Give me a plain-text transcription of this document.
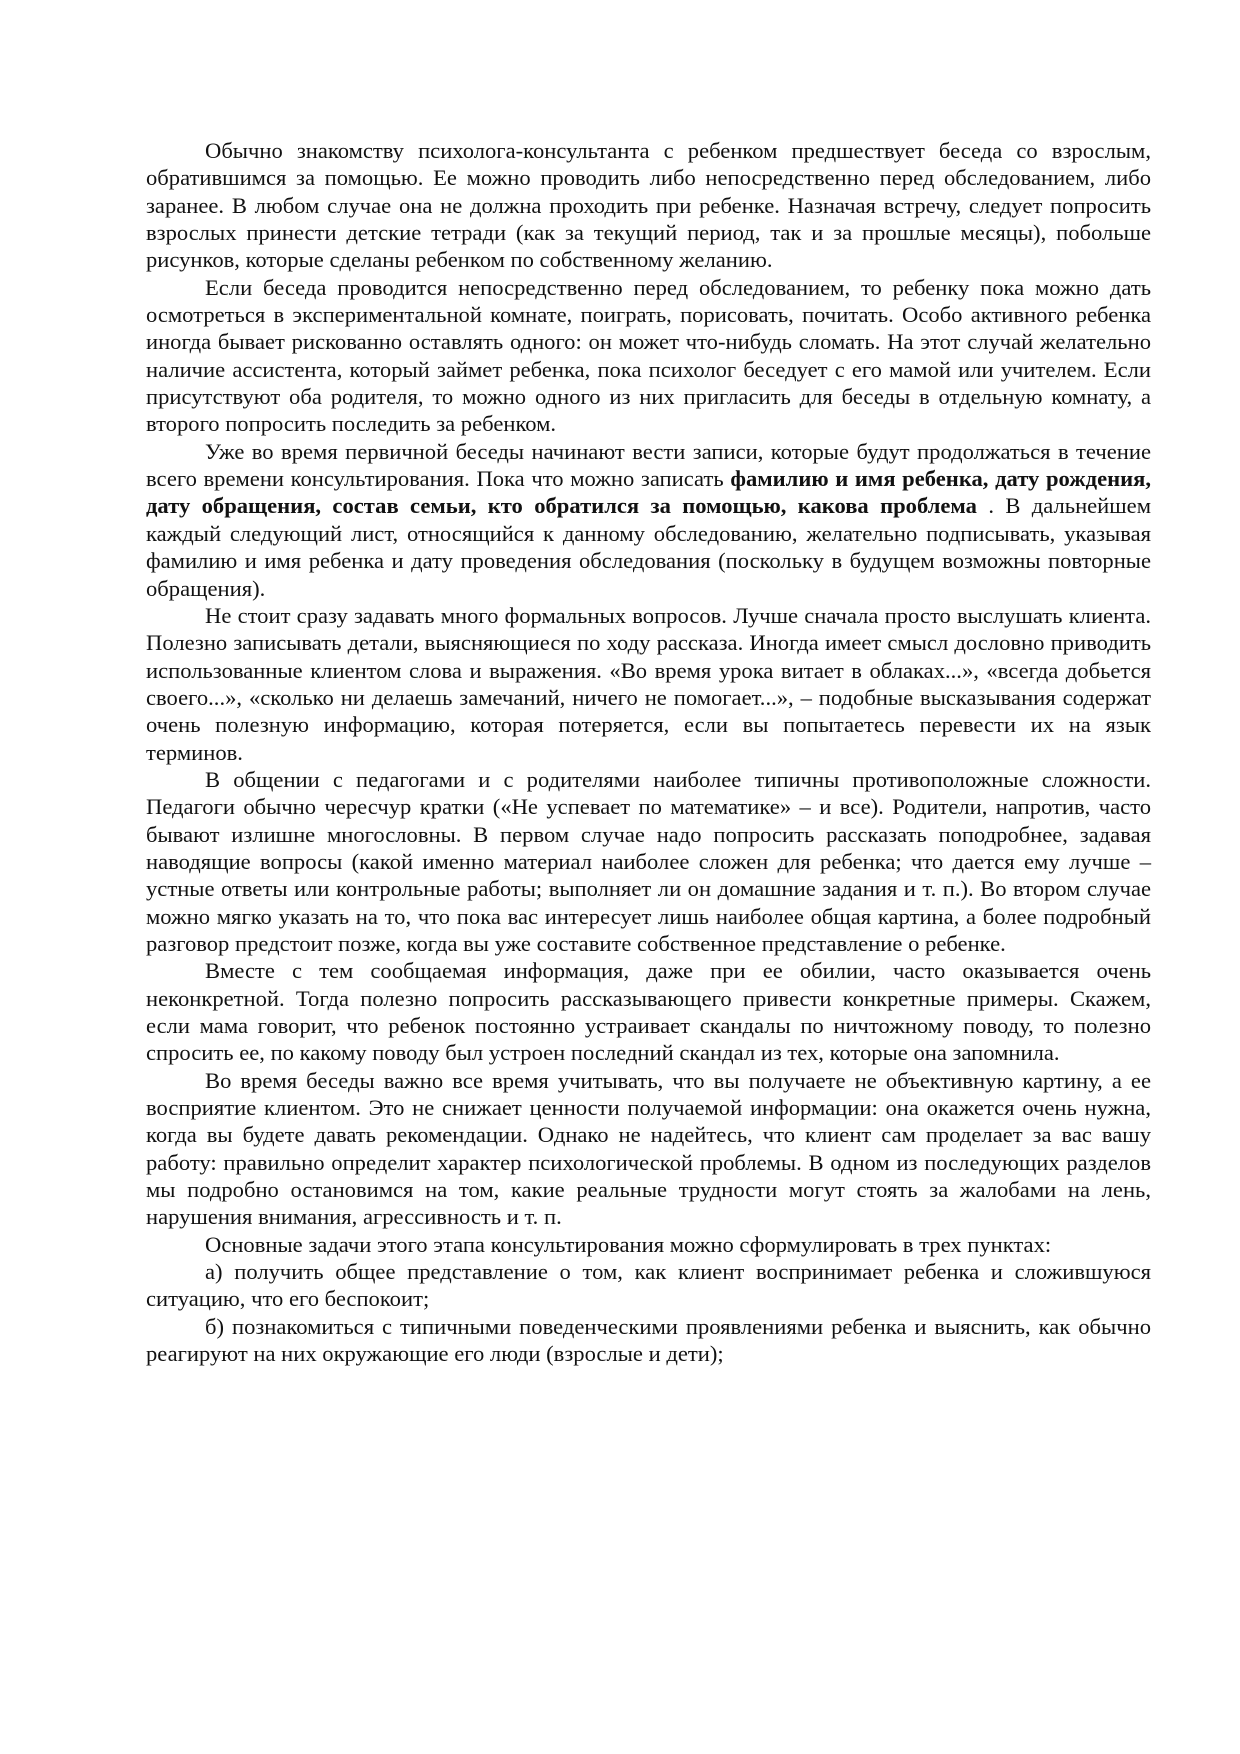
Обычно знакомству психолога-консультанта с ребенком предшествует беседа со взрослым, обратившимся за помощью. Ее можно проводить либо непосредственно перед обследованием, либо заранее. В любом случае она не должна проходить при ребенке. Назначая встречу, следует попросить взрослых принести детские тетради (как за текущий период, так и за прошлые месяцы), побольше рисунков, которые сделаны ребенком по собственному желанию.

Если беседа проводится непосредственно перед обследованием, то ребенку пока можно дать осмотреться в экспериментальной комнате, поиграть, порисовать, почитать. Особо активного ребенка иногда бывает рискованно оставлять одного: он может что-нибудь сломать. На этот случай желательно наличие ассистента, который займет ребенка, пока психолог беседует с его мамой или учителем. Если присутствуют оба родителя, то можно одного из них пригласить для беседы в отдельную комнату, а второго попросить последить за ребенком.

Уже во время первичной беседы начинают вести записи, которые будут продолжаться в течение всего времени консультирования. Пока что можно записать фамилию и имя ребенка, дату рождения, дату обращения, состав семьи, кто обратился за помощью, какова проблема . В дальнейшем каждый следующий лист, относящийся к данному обследованию, желательно подписывать, указывая фамилию и имя ребенка и дату проведения обследования (поскольку в будущем возможны повторные обращения).

Не стоит сразу задавать много формальных вопросов. Лучше сначала просто выслушать клиента. Полезно записывать детали, выясняющиеся по ходу рассказа. Иногда имеет смысл дословно приводить использованные клиентом слова и выражения. «Во время урока витает в облаках...», «всегда добьется своего...», «сколько ни делаешь замечаний, ничего не помогает...», – подобные высказывания содержат очень полезную информацию, которая потеряется, если вы попытаетесь перевести их на язык терминов.

В общении с педагогами и с родителями наиболее типичны противоположные сложности. Педагоги обычно чересчур кратки («Не успевает по математике» – и все). Родители, напротив, часто бывают излишне многословны. В первом случае надо попросить рассказать поподробнее, задавая наводящие вопросы (какой именно материал наиболее сложен для ребенка; что дается ему лучше – устные ответы или контрольные работы; выполняет ли он домашние задания и т. п.). Во втором случае можно мягко указать на то, что пока вас интересует лишь наиболее общая картина, а более подробный разговор предстоит позже, когда вы уже составите собственное представление о ребенке.

Вместе с тем сообщаемая информация, даже при ее обилии, часто оказывается очень неконкретной. Тогда полезно попросить рассказывающего привести конкретные примеры. Скажем, если мама говорит, что ребенок постоянно устраивает скандалы по ничтожному поводу, то полезно спросить ее, по какому поводу был устроен последний скандал из тех, которые она запомнила.

Во время беседы важно все время учитывать, что вы получаете не объективную картину, а ее восприятие клиентом. Это не снижает ценности получаемой информации: она окажется очень нужна, когда вы будете давать рекомендации. Однако не надейтесь, что клиент сам проделает за вас вашу работу: правильно определит характер психологической проблемы. В одном из последующих разделов мы подробно остановимся на том, какие реальные трудности могут стоять за жалобами на лень, нарушения внимания, агрессивность и т. п.

Основные задачи этого этапа консультирования можно сформулировать в трех пунктах:

а) получить общее представление о том, как клиент воспринимает ребенка и сложившуюся ситуацию, что его беспокоит;

б) познакомиться с типичными поведенческими проявлениями ребенка и выяснить, как обычно реагируют на них окружающие его люди (взрослые и дети);
